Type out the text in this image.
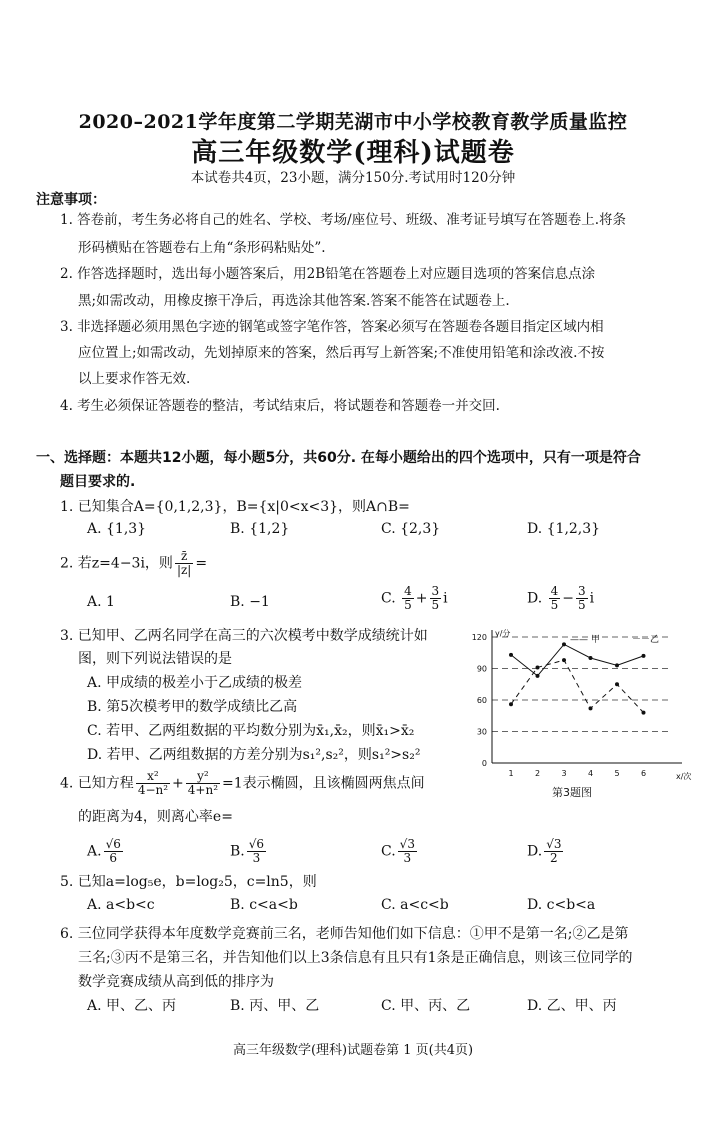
2020–2021学年度第二学期芜湖市中小学校教育教学质量监控
高三年级数学(理科)试题卷
本试卷共4页，23小题，满分150分.考试用时120分钟
注意事项：
1. 答卷前，考生务必将自己的姓名、学校、考场/座位号、班级、准考证号填写在答题卷上.将条
形码横贴在答题卷右上角“条形码粘贴处”.
2. 作答选择题时，选出每小题答案后，用2B铅笔在答题卷上对应题目选项的答案信息点涂
黑;如需改动，用橡皮擦干净后，再选涂其他答案.答案不能答在试题卷上.
3. 非选择题必须用黑色字迹的钢笔或签字笔作答，答案必须写在答题卷各题目指定区域内相
应位置上;如需改动，先划掉原来的答案，然后再写上新答案;不准使用铅笔和涂改液.不按
以上要求作答无效.
4. 考生必须保证答题卷的整洁，考试结束后，将试题卷和答题卷一并交回.
一、选择题：本题共12小题，每小题5分，共60分. 在每小题给出的四个选项中，只有一项是符合
题目要求的.
1. 已知集合A={0,1,2,3}，B={x|0<x<3}，则A∩B=
A. {1,3}	B. {1,2}	C. {2,3}	D. {1,2,3}
2. 若z=4−3i，则 $\frac{z̄}{|z|}$ =
A. 1	B. −1	C. $\frac{4}{5} + \frac{3}{5}$ i	D. $\frac{4}{5} - \frac{3}{5}$ i
3. 已知甲、乙两名同学在高三的六次模考中数学成绩统计如
图，则下列说法错误的是
A. 甲成绩的极差小于乙成绩的极差
B. 第5次模考甲的数学成绩比乙高
C. 若甲、乙两组数据的平均数分别为x̄₁,x̄₂，则x̄₁>x̄₂
D. 若甲、乙两组数据的方差分别为s₁²,s₂²，则s₁²>s₂²
0
30
60
90
120
1	2	3	4	5	6
y/分
x/次
—— 甲	－－乙
第3题图
4. 已知方程 $\frac{\text{x²}}{\text{4−n²}} + \frac{\text{y²}}{\text{4+n²}} =1$表示椭圆，且该椭圆两焦点间
的距离为4，则离心率e=
A. $\frac{√6}{6}$	B. $\frac{√6}{3}$	C. $\frac{√3}{3}$	D. $\frac{√3}{2}$
5. 已知a=log₅e，b=log₂5，c=ln5，则
A. a<b<c	B. c<a<b	C. a<c<b	D. c<b<a
6. 三位同学获得本年度数学竞赛前三名，老师告知他们如下信息：①甲不是第一名;②乙是第
三名;③丙不是第三名，并告知他们以上3条信息有且只有1条是正确信息，则该三位同学的
数学竞赛成绩从高到低的排序为
A. 甲、乙、丙	B. 丙、甲、乙	C. 甲、丙、乙	D. 乙、甲、丙
高三年级数学(理科)试题卷第 1 页(共4页)
